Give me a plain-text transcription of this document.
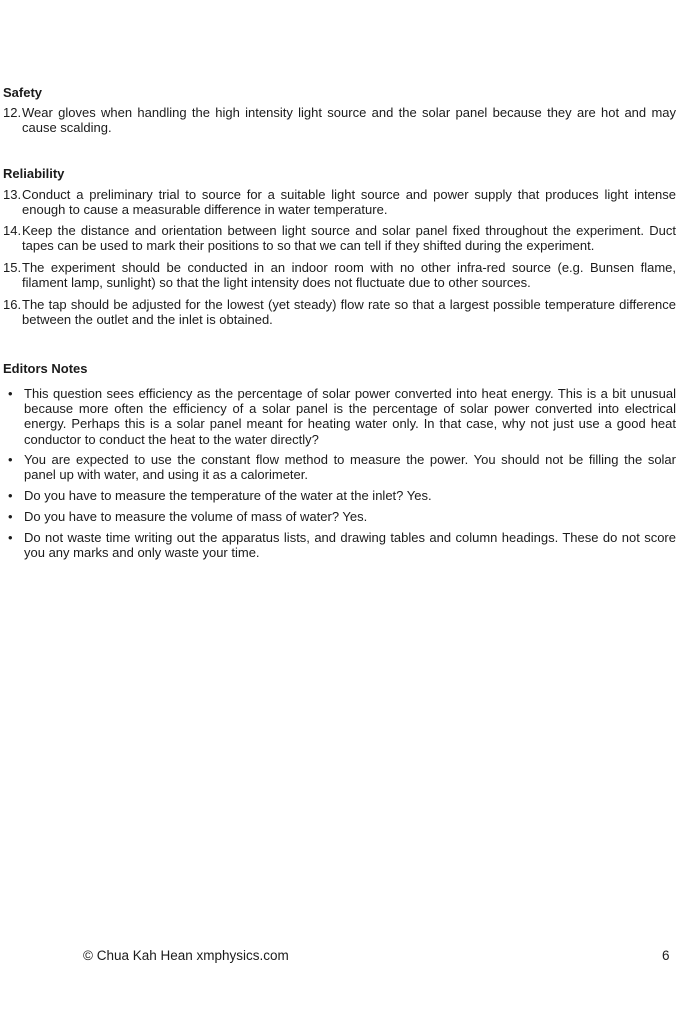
Safety
12. Wear gloves when handling the high intensity light source and the solar panel because they are hot and may
cause scalding.
Reliability
13. Conduct a preliminary trial to source for a suitable light source and power supply that produces light intense
enough to cause a measurable difference in water temperature.
14. Keep the distance and orientation between light source and solar panel fixed throughout the experiment. Duct
tapes can be used to mark their positions to so that we can tell if they shifted during the experiment.
15. The experiment should be conducted in an indoor room with no other infra-red source (e.g. Bunsen flame,
filament lamp, sunlight) so that the light intensity does not fluctuate due to other sources.
16. The tap should be adjusted for the lowest (yet steady) flow rate so that a largest possible temperature difference
between the outlet and the inlet is obtained.
Editors Notes
• This question sees efficiency as the percentage of solar power converted into heat energy. This is a bit unusual
because more often the efficiency of a solar panel is the percentage of solar power converted into electrical
energy. Perhaps this is a solar panel meant for heating water only. In that case, why not just use a good heat
conductor to conduct the heat to the water directly?
• You are expected to use the constant flow method to measure the power. You should not be filling the solar
panel up with water, and using it as a calorimeter.
• Do you have to measure the temperature of the water at the inlet? Yes.
• Do you have to measure the volume of mass of water? Yes.
• Do not waste time writing out the apparatus lists, and drawing tables and column headings. These do not score
you any marks and only waste your time.
© Chua Kah Hean xmphysics.com	6
